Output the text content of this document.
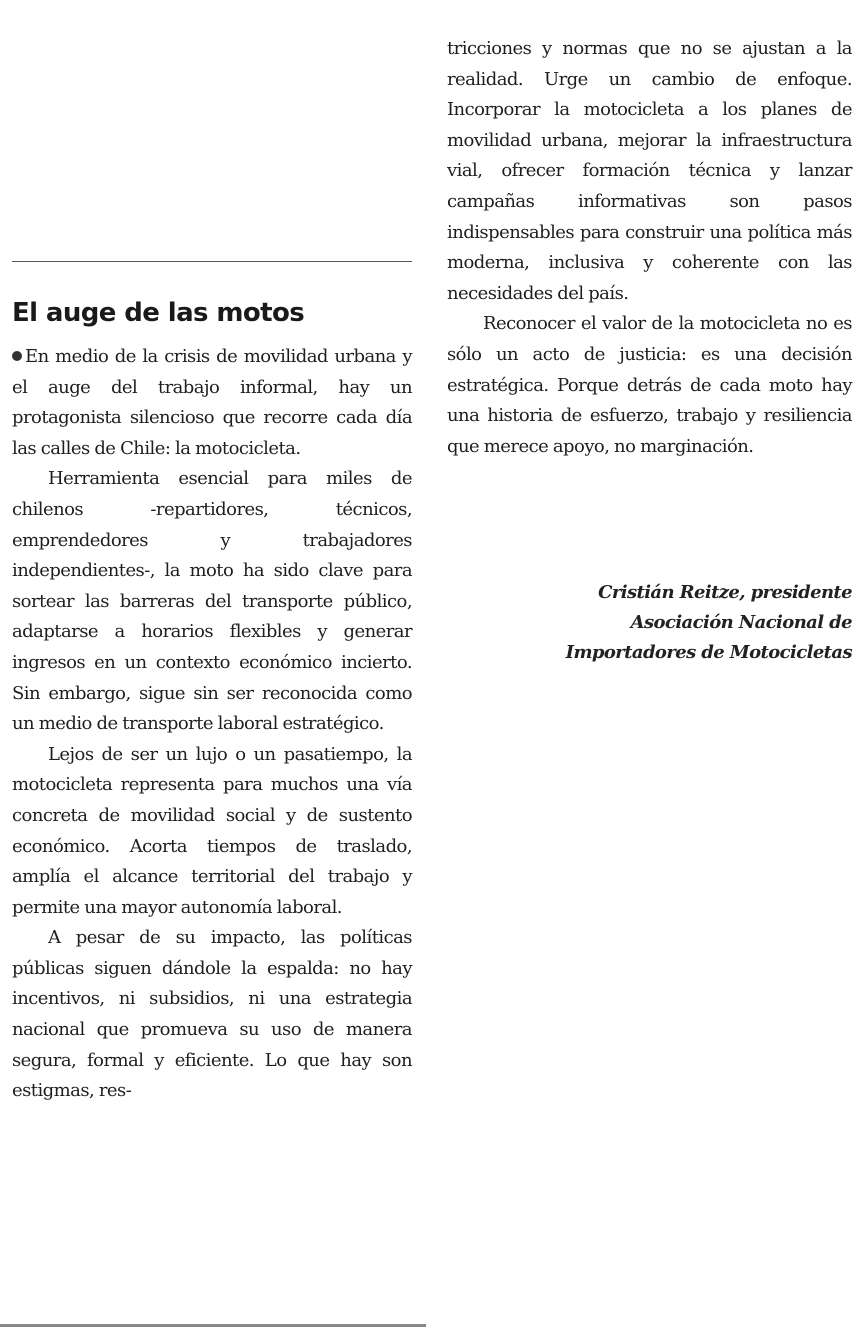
El auge de las motos

En medio de la crisis de movilidad urbana y el auge del trabajo informal, hay un protagonista silencioso que recorre cada día las calles de Chile: la motocicleta.

Herramienta esencial para miles de chilenos -repartidores, técnicos, emprendedores y trabajadores independientes-, la moto ha sido clave para sortear las barreras del transporte público, adaptarse a horarios flexibles y generar ingresos en un contexto económico incierto. Sin embargo, sigue sin ser reconocida como un medio de transporte laboral estratégico.

Lejos de ser un lujo o un pasatiempo, la motocicleta representa para muchos una vía concreta de movilidad social y de sustento económico. Acorta tiempos de traslado, amplía el alcance territorial del trabajo y permite una mayor autonomía laboral.

A pesar de su impacto, las políticas públicas siguen dándole la espalda: no hay incentivos, ni subsidios, ni una estrategia nacional que promueva su uso de manera segura, formal y eficiente. Lo que hay son estigmas, res-

tricciones y normas que no se ajustan a la realidad. Urge un cambio de enfoque. Incorporar la motocicleta a los planes de movilidad urbana, mejorar la infraestructura vial, ofrecer formación técnica y lanzar campañas informativas son pasos indispensables para construir una política más moderna, inclusiva y coherente con las necesidades del país.

Reconocer el valor de la motocicleta no es sólo un acto de justicia: es una decisión estratégica. Porque detrás de cada moto hay una historia de esfuerzo, trabajo y resiliencia que merece apoyo, no marginación.

Cristián Reitze, presidente
Asociación Nacional de
Importadores de Motocicletas
